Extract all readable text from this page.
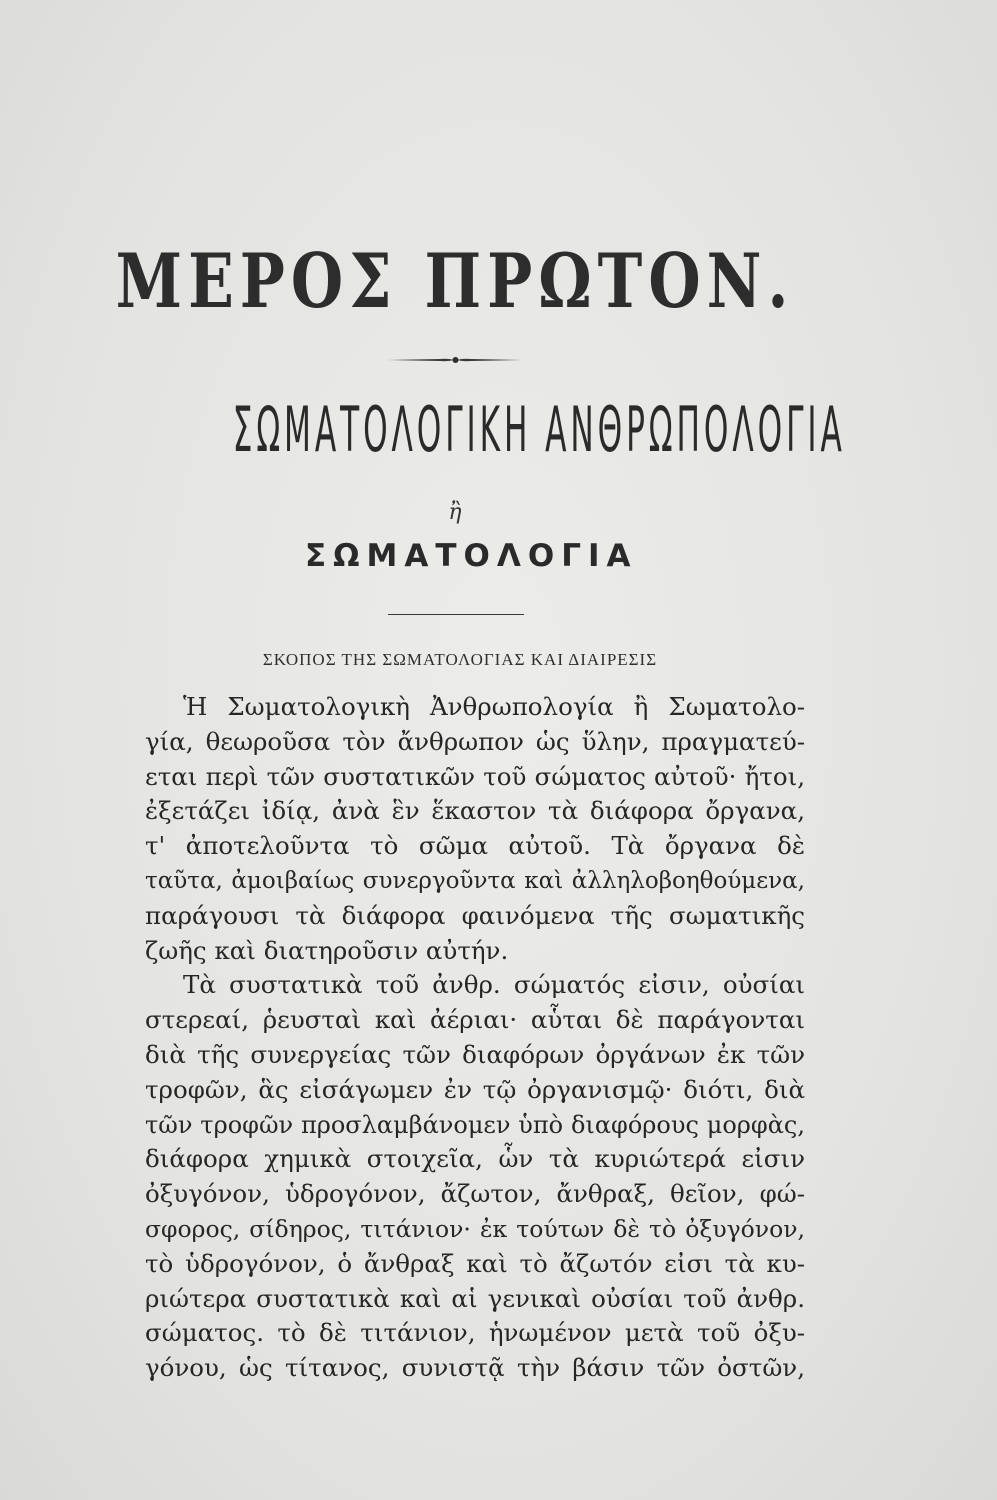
ΜΕΡΟΣ ΠΡΩΤΟΝ.
ΣΩΜΑΤΟΛΟΓΙΚΗ ΑΝΘΡΩΠΟΛΟΓΙΑ
ἢ
ΣΩΜΑΤΟΛΟΓΙΑ
ΣΚΟΠΟΣ ΤΗΣ ΣΩΜΑΤΟΛΟΓΙΑΣ ΚΑΙ ΔΙΑΙΡΕΣΙΣ
Ἡ Σωματολογικὴ Ἀνθρωπολογία ἢ Σωματολο-
γία, θεωροῦσα τὸν ἄνθρωπον ὡς ὕλην, πραγματεύ-
εται περὶ τῶν συστατικῶν τοῦ σώματος αὐτοῦ· ἤτοι,
ἐξετάζει ἰδίᾳ, ἀνὰ ἓν ἕκαστον τὰ διάφορα ὄργανα,
τ' ἀποτελοῦντα τὸ σῶμα αὐτοῦ. Τὰ ὄργανα δὲ
ταῦτα, ἀμοιβαίως συνεργοῦντα καὶ ἀλληλοβοηθούμενα,
παράγουσι τὰ διάφορα φαινόμενα τῆς σωματικῆς
ζωῆς καὶ διατηροῦσιν αὐτήν.
Τὰ συστατικὰ τοῦ ἀνθρ. σώματός εἰσιν, οὐσίαι
στερεαί, ῥευσταὶ καὶ ἀέριαι· αὗται δὲ παράγονται
διὰ τῆς συνεργείας τῶν διαφόρων ὀργάνων ἐκ τῶν
τροφῶν, ἃς εἰσάγωμεν ἐν τῷ ὀργανισμῷ· διότι, διὰ
τῶν τροφῶν προσλαμβάνομεν ὑπὸ διαφόρους μορφὰς,
διάφορα χημικὰ στοιχεῖα, ὧν τὰ κυριώτερά εἰσιν
ὀξυγόνον, ὑδρογόνον, ἄζωτον, ἄνθραξ, θεῖον, φώ-
σφορος, σίδηρος, τιτάνιον· ἐκ τούτων δὲ τὸ ὀξυγόνον,
τὸ ὑδρογόνον, ὁ ἄνθραξ καὶ τὸ ἄζωτόν εἰσι τὰ κυ-
ριώτερα συστατικὰ καὶ αἱ γενικαὶ οὐσίαι τοῦ ἀνθρ.
σώματος. τὸ δὲ τιτάνιον, ἡνωμένον μετὰ τοῦ ὀξυ-
γόνου, ὡς τίτανος, συνιστᾷ τὴν βάσιν τῶν ὀστῶν,
